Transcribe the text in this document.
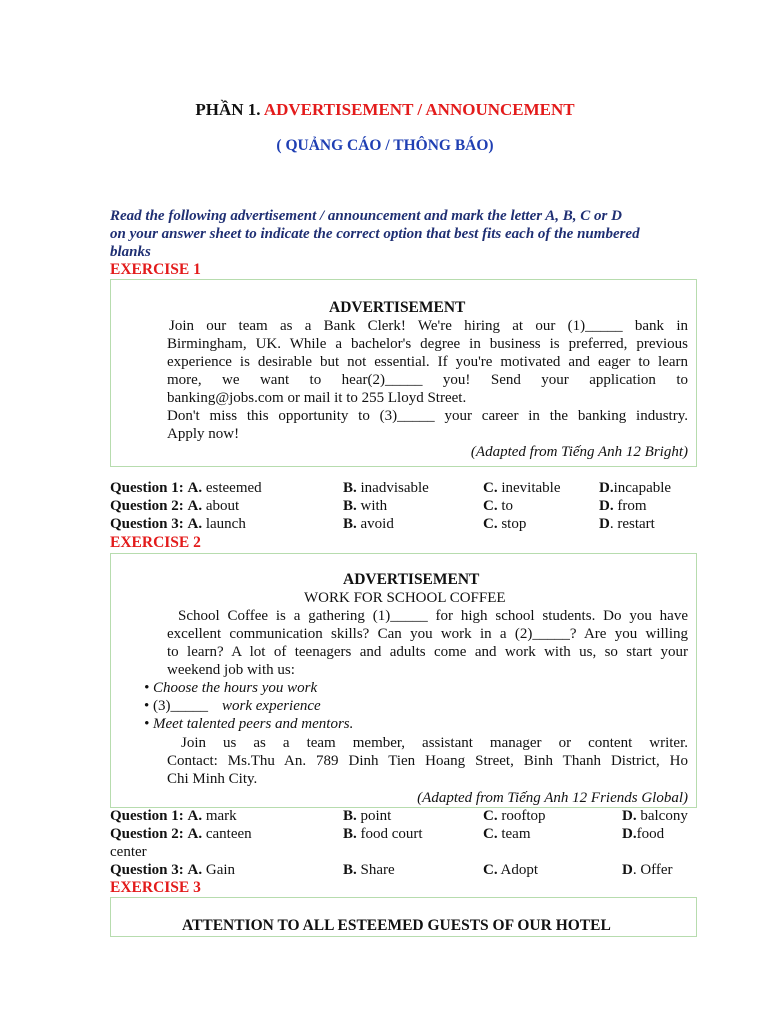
PHẦN 1. ADVERTISEMENT / ANNOUNCEMENT
( QUẢNG CÁO / THÔNG BÁO)
Read the following advertisement / announcement and mark the letter A, B, C or D
on your answer sheet to indicate the correct option that best fits each of the numbered
blanks
EXERCISE 1
ADVERTISEMENT
Join our team as a Bank Clerk! We're hiring at our (1)_____ bank in
Birmingham, UK. While a bachelor's degree in business is preferred, previous
experience is desirable but not essential. If you're motivated and eager to learn
more, we want to hear(2)_____ you! Send your application to
banking@jobs.com or mail it to 255 Lloyd Street.
Don't miss this opportunity to (3)_____ your career in the banking industry.
Apply now!
(Adapted from Tiếng Anh 12 Bright)
Question 1: A. esteemed	B. inadvisable	C. inevitable	D.incapable
Question 2: A. about	B. with	C. to	D. from
Question 3: A. launch	B. avoid	C. stop	D. restart
EXERCISE 2
ADVERTISEMENT
WORK FOR SCHOOL COFFEE
School Coffee is a gathering (1)_____ for high school students. Do you have
excellent communication skills? Can you work in a (2)_____? Are you willing
to learn? A lot of teenagers and adults come and work with us, so start your
weekend job with us:
• Choose the hours you work
• (3)_____ work experience
• Meet talented peers and mentors.
Join us as a team member, assistant manager or content writer.
Contact: Ms.Thu An. 789 Dinh Tien Hoang Street, Binh Thanh District, Ho
Chi Minh City.
(Adapted from Tiếng Anh 12 Friends Global)
Question 1: A. mark	B. point	C. rooftop	D. balcony
Question 2: A. canteen	B. food court	C. team	D.food
center
Question 3: A. Gain	B. Share	C. Adopt	D. Offer
EXERCISE 3
ATTENTION TO ALL ESTEEMED GUESTS OF OUR HOTEL
